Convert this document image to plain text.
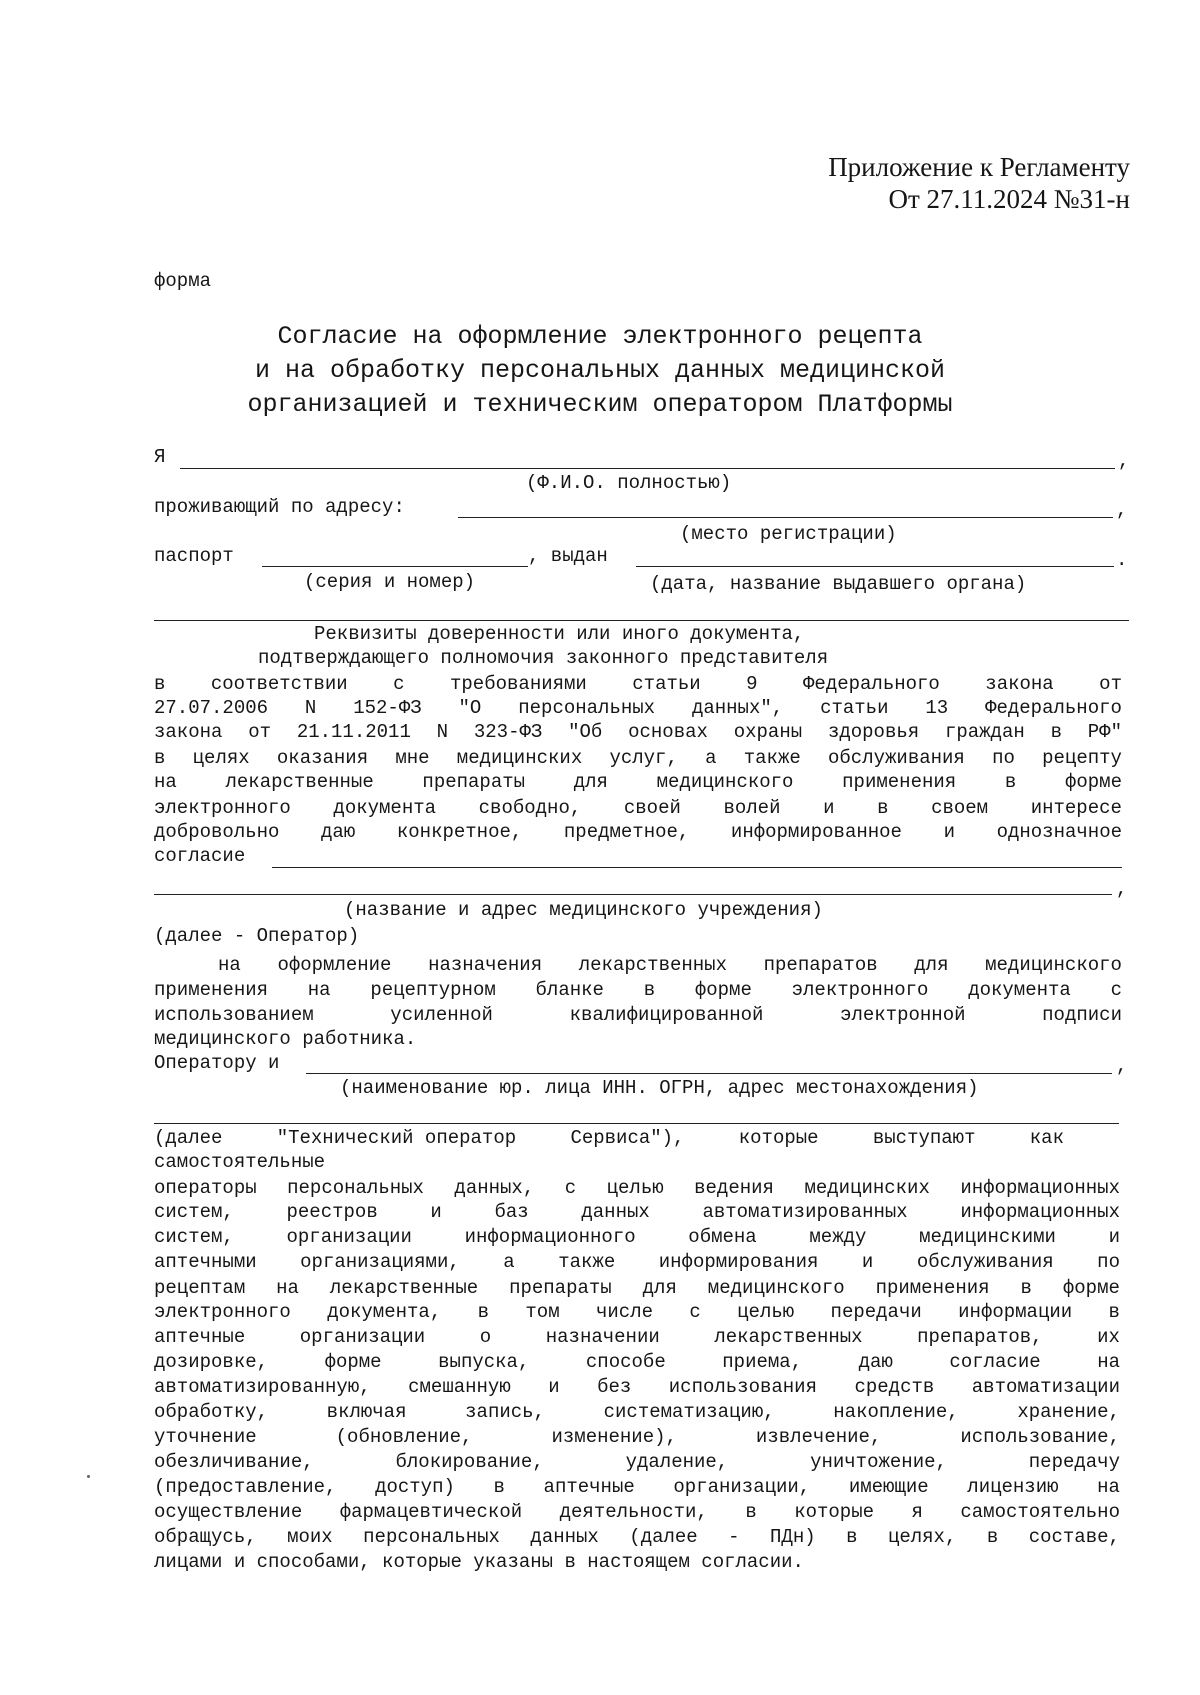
Приложение к Регламенту
От 27.11.2024 №31-н
форма
Согласие на оформление электронного рецепта
и на обработку персональных данных медицинской
организацией и техническим оператором Платформы
Я	,
(Ф.И.О. полностью)
проживающий по адресу:	,
(место регистрации)
паспорт	, выдан	.
(серия и номер)	(дата, название выдавшего органа)
Реквизиты доверенности или иного документа,
подтверждающего полномочия законного представителя
в соответствии с требованиями статьи 9 Федерального закона от
27.07.2006 N 152-ФЗ "О персональных данных", статьи 13 Федерального
закона от 21.11.2011 N 323-ФЗ "Об основах охраны здоровья граждан в РФ"
в целях оказания мне медицинских услуг, а также обслуживания по рецепту
на	лекарственные	препараты	для	медицинского	применения	в	форме
электронного документа свободно, своей волей и в своем интересе
добровольно даю конкретное, предметное, информированное и однозначное
согласие
,
(название и адрес медицинского учреждения)
(далее - Оператор)
на оформление назначения лекарственных препаратов для медицинского
применения на рецептурном бланке в форме электронного документа с
использованием	усиленной	квалифицированной	электронной	подписи
медицинского работника.
Оператору и	,
(наименование юр. лица ИНН. ОГРН, адрес местонахождения)
(далее	"Технический оператор	Сервиса"),	которые	выступают	как
самостоятельные
операторы персональных данных, с целью ведения медицинских информационных
систем,	реестров	и	баз	данных	автоматизированных	информационных
систем,	организации	информационного	обмена	между	медицинскими	и
аптечными организациями, а также информирования и обслуживания по
рецептам на лекарственные препараты для медицинского применения в форме
электронного документа, в том числе с целью передачи информации в
аптечные	организации	о	назначении	лекарственных	препаратов,	их
дозировке,	форме	выпуска,	способе	приема,	даю	согласие	на
автоматизированную, смешанную и без использования средств автоматизации
обработку,	включая	запись,	систематизацию,	накопление,	хранение,
уточнение	(обновление,	изменение),	извлечение,	использование,
обезличивание,	блокирование,	удаление,	уничтожение,	передачу
(предоставление, доступ) в аптечные организации, имеющие лицензию на
осуществление фармацевтической деятельности, в которые я самостоятельно
обращусь, моих персональных данных (далее - ПДн) в целях, в составе,
лицами и способами, которые указаны в настоящем согласии.
